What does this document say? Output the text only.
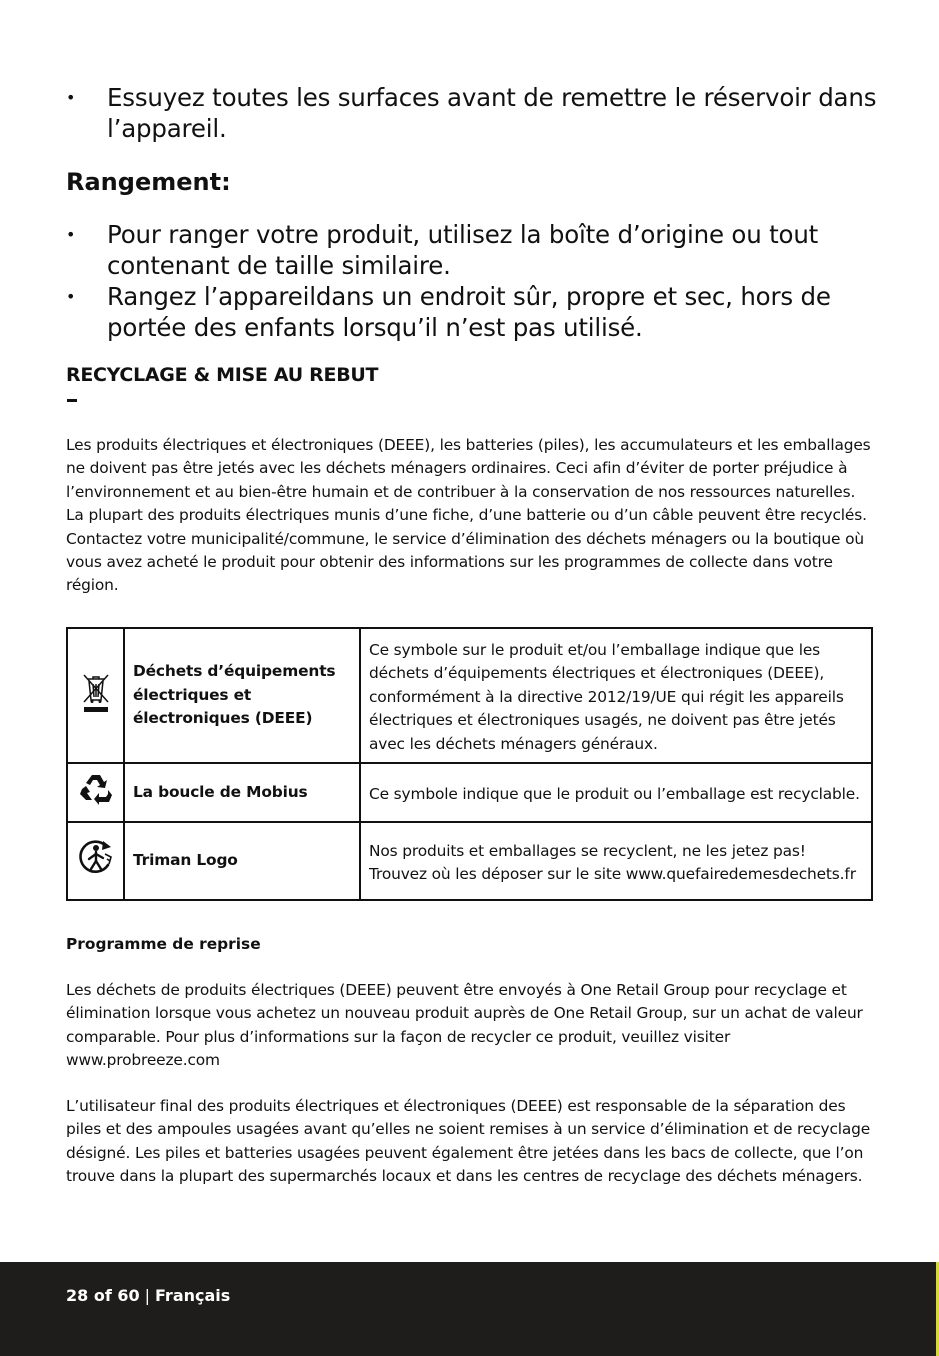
• Essuyez toutes les surfaces avant de remettre le réservoir dans l’appareil.
Rangement:
• Pour ranger votre produit, utilisez la boîte d’origine ou tout contenant de taille similaire.
• Rangez l’appareildans un endroit sûr, propre et sec, hors de portée des enfants lorsqu’il n’est pas utilisé.
RECYCLAGE & MISE AU REBUT

Les produits électriques et électroniques (DEEE), les batteries (piles), les accumulateurs et les emballages ne doivent pas être jetés avec les déchets ménagers ordinaires. Ceci afin d’éviter de porter préjudice à l’environnement et au bien-être humain et de contribuer à la conservation de nos ressources naturelles. La plupart des produits électriques munis d’une fiche, d’une batterie ou d’un câble peuvent être recyclés. Contactez votre municipalité/commune, le service d’élimination des déchets ménagers ou la boutique où vous avez acheté le produit pour obtenir des informations sur les programmes de collecte dans votre région.

	Déchets d’équipements électriques et électroniques (DEEE)	Ce symbole sur le produit et/ou l’emballage indique que les déchets d’équipements électriques et électroniques (DEEE), conformément à la directive 2012/19/UE qui régit les appareils électriques et électroniques usagés, ne doivent pas être jetés avec les déchets ménagers généraux.
	La boucle de Mobius	Ce symbole indique que le produit ou l’emballage est recyclable.
	Triman Logo	Nos produits et emballages se recyclent, ne les jetez pas! Trouvez où les déposer sur le site www.quefairedemesdechets.fr
Programme de reprise

Les déchets de produits électriques (DEEE) peuvent être envoyés à One Retail Group pour recyclage et élimination lorsque vous achetez un nouveau produit auprès de One Retail Group, sur un achat de valeur comparable. Pour plus d’informations sur la façon de recycler ce produit, veuillez visiter www.probreeze.com

L’utilisateur final des produits électriques et électroniques (DEEE) est responsable de la séparation des piles et des ampoules usagées avant qu’elles ne soient remises à un service d’élimination et de recyclage désigné. Les piles et batteries usagées peuvent également être jetées dans les bacs de collecte, que l’on trouve dans la plupart des supermarchés locaux et dans les centres de recyclage des déchets ménagers.

28 of 60 | Français
